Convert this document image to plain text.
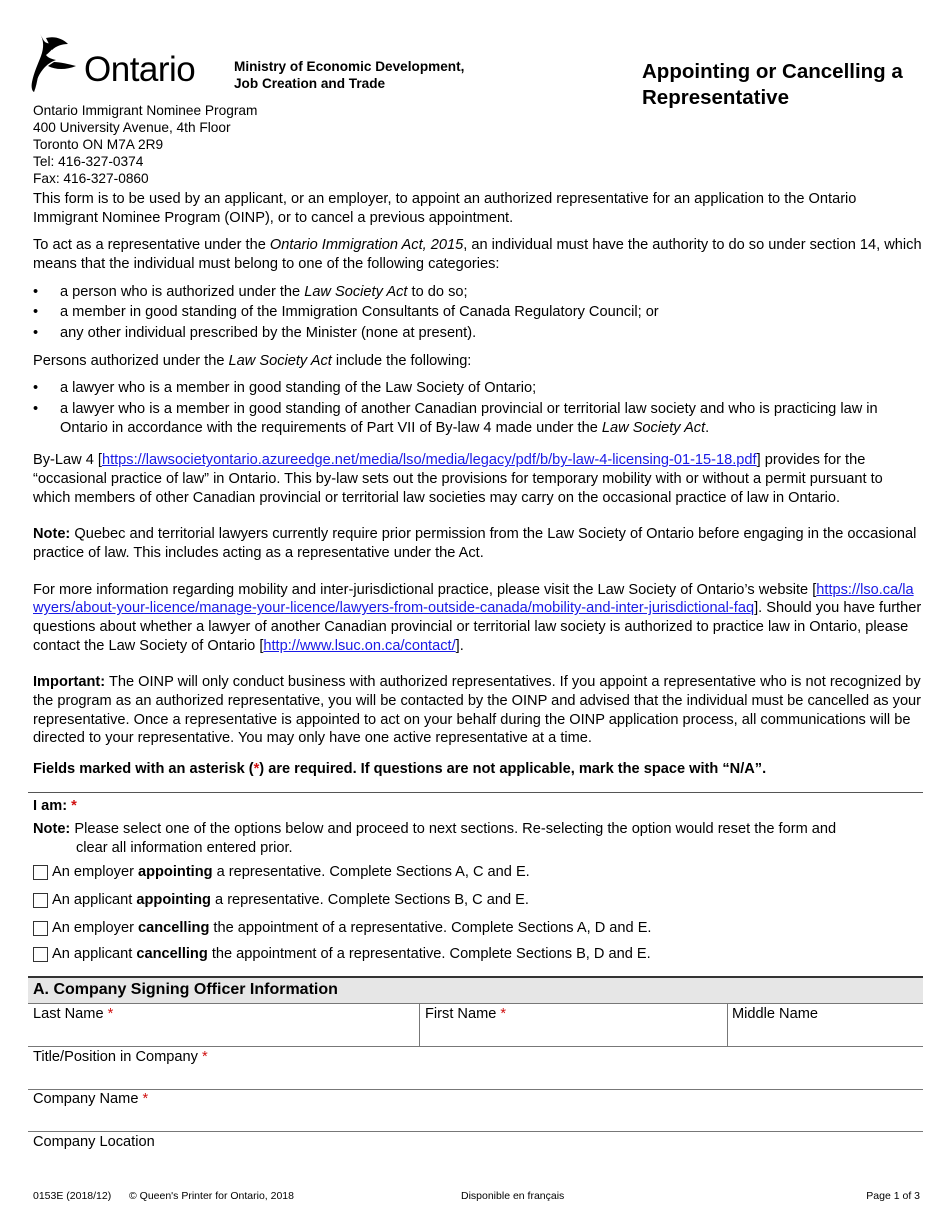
Ontario	Ministry of Economic Development,
Job Creation and Trade
Appointing or Cancelling a
Representative
Ontario Immigrant Nominee Program
400 University Avenue, 4th Floor
Toronto ON M7A 2R9
Tel: 416-327-0374
Fax: 416-327-0860

This form is to be used by an applicant, or an employer, to appoint an authorized representative for an application to the Ontario Immigrant Nominee Program (OINP), or to cancel a previous appointment.

To act as a representative under the Ontario Immigration Act, 2015, an individual must have the authority to do so under section 14, which means that the individual must belong to one of the following categories:

• a person who is authorized under the Law Society Act to do so;
• a member in good standing of the Immigration Consultants of Canada Regulatory Council; or
• any other individual prescribed by the Minister (none at present).

Persons authorized under the Law Society Act include the following:

• a lawyer who is a member in good standing of the Law Society of Ontario;
• a lawyer who is a member in good standing of another Canadian provincial or territorial law society and who is practicing law in Ontario in accordance with the requirements of Part VII of By-law 4 made under the Law Society Act.

By-Law 4 [https://lawsocietyontario.azureedge.net/media/lso/media/legacy/pdf/b/by-law-4-licensing-01-15-18.pdf] provides for the “occasional practice of law” in Ontario. This by-law sets out the provisions for temporary mobility with or without a permit pursuant to which members of other Canadian provincial or territorial law societies may carry on the occasional practice of law in Ontario.

Note: Quebec and territorial lawyers currently require prior permission from the Law Society of Ontario before engaging in the occasional practice of law. This includes acting as a representative under the Act.

For more information regarding mobility and inter-jurisdictional practice, please visit the Law Society of Ontario’s website [https://lso.ca/lawyers/about-your-licence/manage-your-licence/lawyers-from-outside-canada/mobility-and-inter-jurisdictional-faq]. Should you have further questions about whether a lawyer of another Canadian provincial or territorial law society is authorized to practice law in Ontario, please contact the Law Society of Ontario [http://www.lsuc.on.ca/contact/].

Important: The OINP will only conduct business with authorized representatives. If you appoint a representative who is not recognized by the program as an authorized representative, you will be contacted by the OINP and advised that the individual must be cancelled as your representative. Once a representative is appointed to act on your behalf during the OINP application process, all communications will be directed to your representative. You may only have one active representative at a time.

Fields marked with an asterisk (*) are required. If questions are not applicable, mark the space with “N/A”.

I am: *
Note: Please select one of the options below and proceed to next sections. Re-selecting the option would reset the form and
clear all information entered prior.
An employer appointing a representative. Complete Sections A, C and E.
An applicant appointing a representative. Complete Sections B, C and E.
An employer cancelling the appointment of a representative. Complete Sections A, D and E.
An applicant cancelling the appointment of a representative. Complete Sections B, D and E.
A. Company Signing Officer Information
Last Name *	First Name *	Middle Name
Title/Position in Company *
Company Name *
Company Location
0153E (2018/12) © Queen's Printer for Ontario, 2018	Disponible en français	Page 1 of 3
